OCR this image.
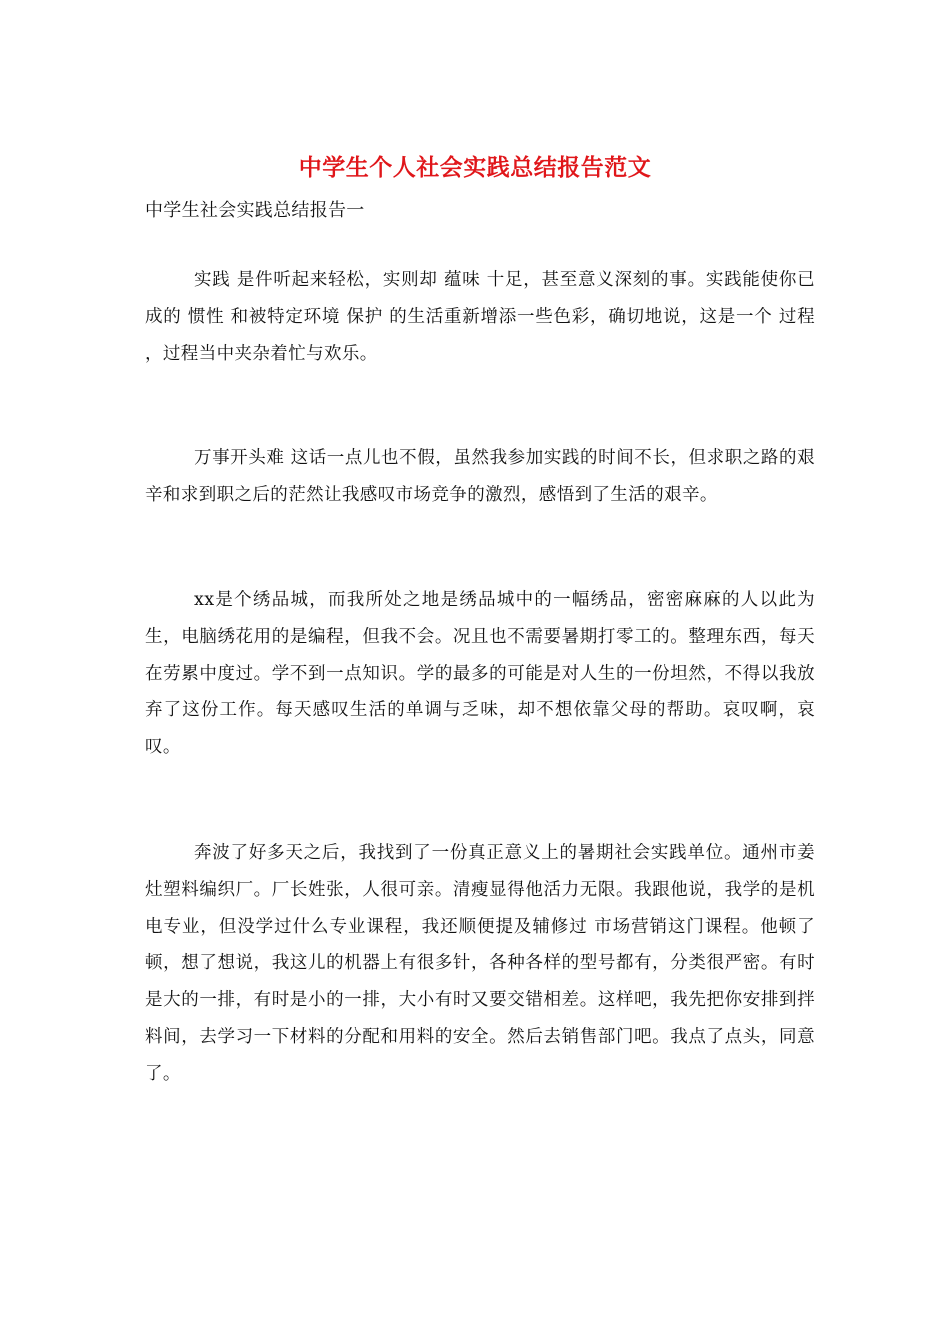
中学生个人社会实践总结报告范文
中学生社会实践总结报告一

实践 是件听起来轻松，实则却 蕴味 十足，甚至意义深刻的事。实践能使你已成的 惯性 和被特定环境 保护 的生活重新增添一些色彩，确切地说，这是一个 过程 ，过程当中夹杂着忙与欢乐。

万事开头难 这话一点儿也不假，虽然我参加实践的时间不长，但求职之路的艰辛和求到职之后的茫然让我感叹市场竞争的激烈，感悟到了生活的艰辛。

xx是个绣品城，而我所处之地是绣品城中的一幅绣品，密密麻麻的人以此为生，电脑绣花用的是编程，但我不会。况且也不需要暑期打零工的。整理东西，每天在劳累中度过。学不到一点知识。学的最多的可能是对人生的一份坦然，不得以我放弃了这份工作。每天感叹生活的单调与乏味，却不想依靠父母的帮助。哀叹啊，哀叹。

奔波了好多天之后，我找到了一份真正意义上的暑期社会实践单位。通州市姜灶塑料编织厂。厂长姓张，人很可亲。清瘦显得他活力无限。我跟他说，我学的是机电专业，但没学过什么专业课程，我还顺便提及辅修过 市场营销这门课程。他顿了顿，想了想说，我这儿的机器上有很多针，各种各样的型号都有，分类很严密。有时是大的一排，有时是小的一排，大小有时又要交错相差。这样吧，我先把你安排到拌料间，去学习一下材料的分配和用料的安全。然后去销售部门吧。我点了点头，同意了。
